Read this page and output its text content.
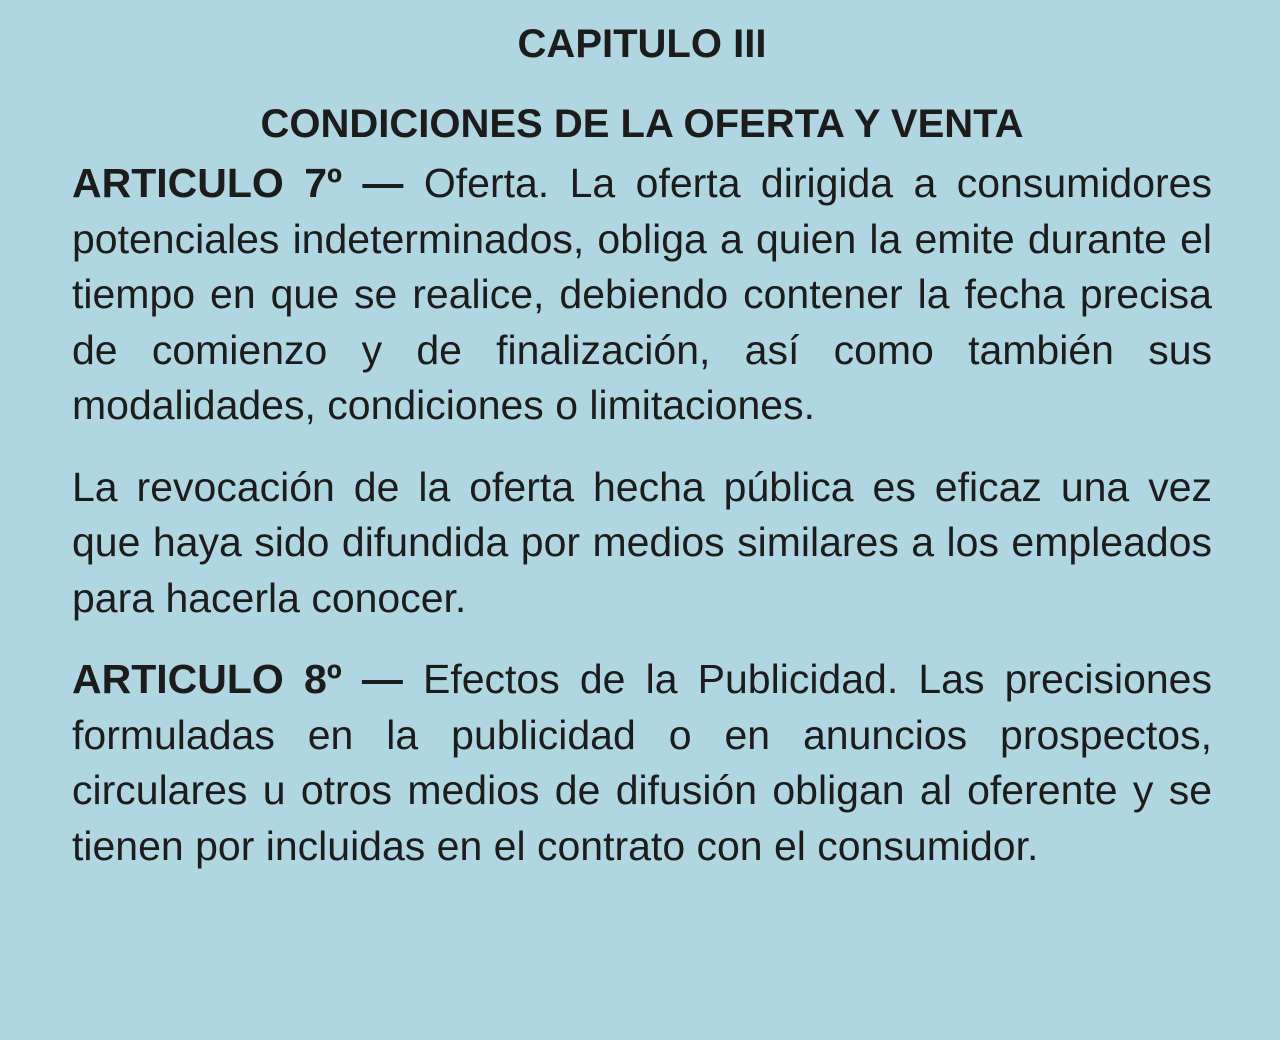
CAPITULO III
CONDICIONES DE LA OFERTA Y VENTA

ARTICULO 7º — Oferta. La oferta dirigida a consumidores potenciales indeterminados, obliga a quien la emite durante el tiempo en que se realice, debiendo contener la fecha precisa de comienzo y de finalización, así como también sus modalidades, condiciones o limitaciones.

La revocación de la oferta hecha pública es eficaz una vez que haya sido difundida por medios similares a los empleados para hacerla conocer.

ARTICULO 8º — Efectos de la Publicidad. Las precisiones formuladas en la publicidad o en anuncios prospectos, circulares u otros medios de difusión obligan al oferente y se tienen por incluidas en el contrato con el consumidor.
